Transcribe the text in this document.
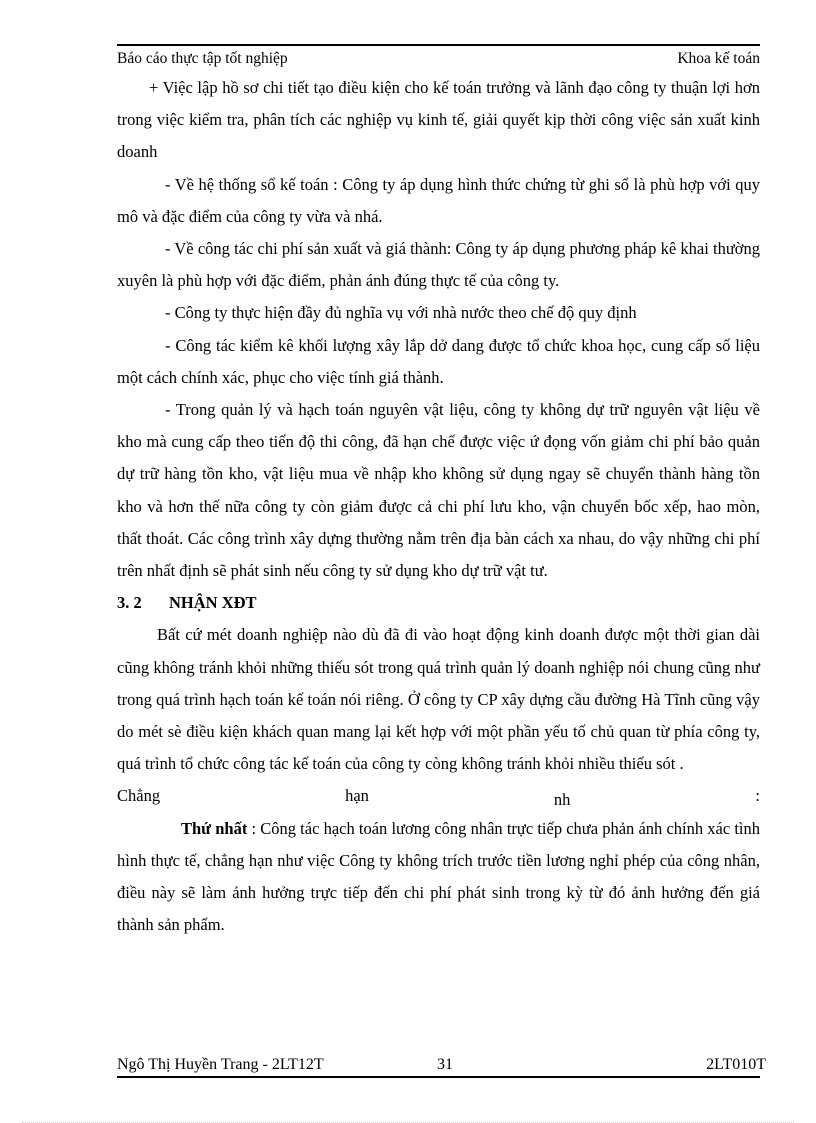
Báo cáo thực tập tốt nghiệp	Khoa kế toán

+ Việc lập hồ sơ chi tiết tạo điều kiện cho kế toán trưởng và lãnh đạo công ty thuận lợi hơn trong việc kiểm tra, phân tích các nghiệp vụ kinh tế, giải quyết kịp thời công việc sản xuất kinh doanh

- Về hệ thống sổ kế toán : Công ty áp dụng hình thức chứng từ ghi sổ là phù hợp với quy mô và đặc điểm của công ty vừa và nhá.

- Về công tác chi phí sản xuất và giá thành: Công ty áp dụng phương pháp kê khai thường xuyên là phù hợp với đặc điểm, phản ánh đúng thực tế của công ty.

- Công ty thực hiện đầy đủ nghĩa vụ với nhà nước theo chế độ quy định

- Công tác kiểm kê khối lượng xây lắp dở dang được tổ chức khoa học, cung cấp số liệu một cách chính xác, phục cho việc tính giá thành.

- Trong quản lý và hạch toán nguyên vật liệu, công ty không dự trữ nguyên vật liệu về kho mà cung cấp theo tiến độ thi công, đã hạn chế được việc ứ đọng vốn giảm chi phí bảo quản dự trữ hàng tồn kho, vật liệu mua về nhập kho không sử dụng ngay sẽ chuyển thành hàng tồn kho và hơn thế nữa công ty còn giảm được cả chi phí lưu kho, vận chuyển bốc xếp, hao mòn, thất thoát. Các công trình xây dựng thường nằm trên địa bàn cách xa nhau, do vậy những chi phí trên nhất định sẽ phát sinh nếu công ty sử dụng kho dự trữ vật tư.

3. 2 NHẬN XÐT

Bất cứ mét doanh nghiệp nào dù đã đi vào hoạt động kinh doanh được một thời gian dài cũng không tránh khỏi những thiếu sót trong quá trình quản lý doanh nghiệp nói chung cũng như trong quá trình hạch toán kế toán nói riêng. Ở công ty CP xây dựng cầu đường Hà Tĩnh cũng vậy do mét sè điều kiện khách quan mang lại kết hợp với một phần yếu tố chủ quan từ phía công ty, quá trình tổ chức công tác kế toán của công ty còng không tránh khỏi nhiều thiếu sót .

Chẳng	hạn	nh	:

Thứ nhất : Công tác hạch toán lương công nhân trực tiếp chưa phản ánh chính xác tình hình thực tế, chẳng hạn như việc Công ty không trích trước tiền lương nghỉ phép của công nhân, điều này sẽ làm ảnh hưởng trực tiếp đến chi phí phát sinh trong kỳ từ đó ảnh hưởng đến giá thành sản phẩm.

Ngô Thị Huyền Trang - 2LT12T	31	2LT010T
